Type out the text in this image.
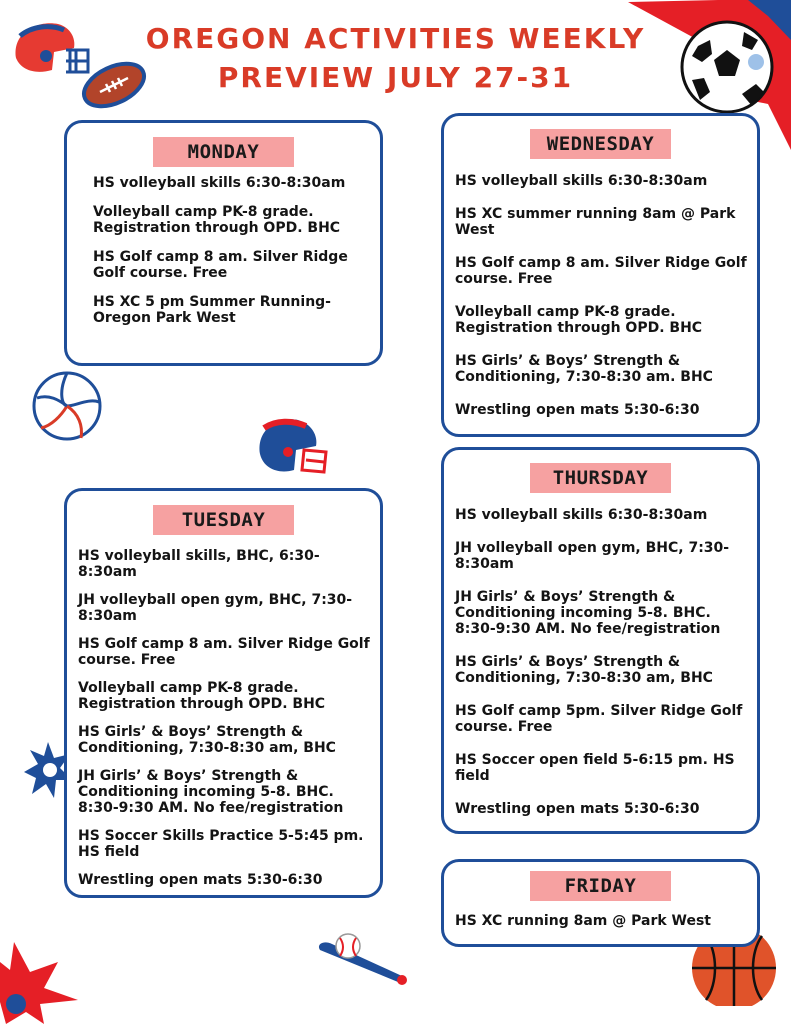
OREGON ACTIVITIES WEEKLY
PREVIEW JULY 27-31
MONDAY
HS volleyball skills 6:30-8:30am
Volleyball camp PK-8 grade. Registration through OPD. BHC
HS Golf camp 8 am. Silver Ridge Golf course. Free
HS XC 5 pm Summer Running- Oregon Park West
WEDNESDAY
HS volleyball skills 6:30-8:30am
HS XC summer running 8am @ Park West
HS Golf camp 8 am. Silver Ridge Golf course. Free
Volleyball camp PK-8 grade. Registration through OPD. BHC
HS Girls’ & Boys’ Strength & Conditioning, 7:30-8:30 am. BHC
Wrestling open mats 5:30-6:30
TUESDAY
HS volleyball skills, BHC, 6:30-8:30am
JH volleyball open gym, BHC, 7:30-8:30am
HS Golf camp 8 am. Silver Ridge Golf course. Free
Volleyball camp PK-8 grade. Registration through OPD. BHC
HS Girls’ & Boys’ Strength & Conditioning, 7:30-8:30 am, BHC
JH Girls’ & Boys’ Strength & Conditioning incoming 5-8. BHC. 8:30-9:30 AM. No fee/registration
HS Soccer Skills Practice 5-5:45 pm. HS field
Wrestling open mats 5:30-6:30
THURSDAY
HS volleyball skills 6:30-8:30am
JH volleyball open gym, BHC, 7:30-8:30am
JH Girls’ & Boys’ Strength & Conditioning incoming 5-8. BHC. 8:30-9:30 AM. No fee/registration
HS Girls’ & Boys’ Strength & Conditioning, 7:30-8:30 am, BHC
HS Golf camp 5pm. Silver Ridge Golf course. Free
HS Soccer open field 5-6:15 pm. HS field
Wrestling open mats 5:30-6:30
FRIDAY
HS XC running 8am @ Park West
